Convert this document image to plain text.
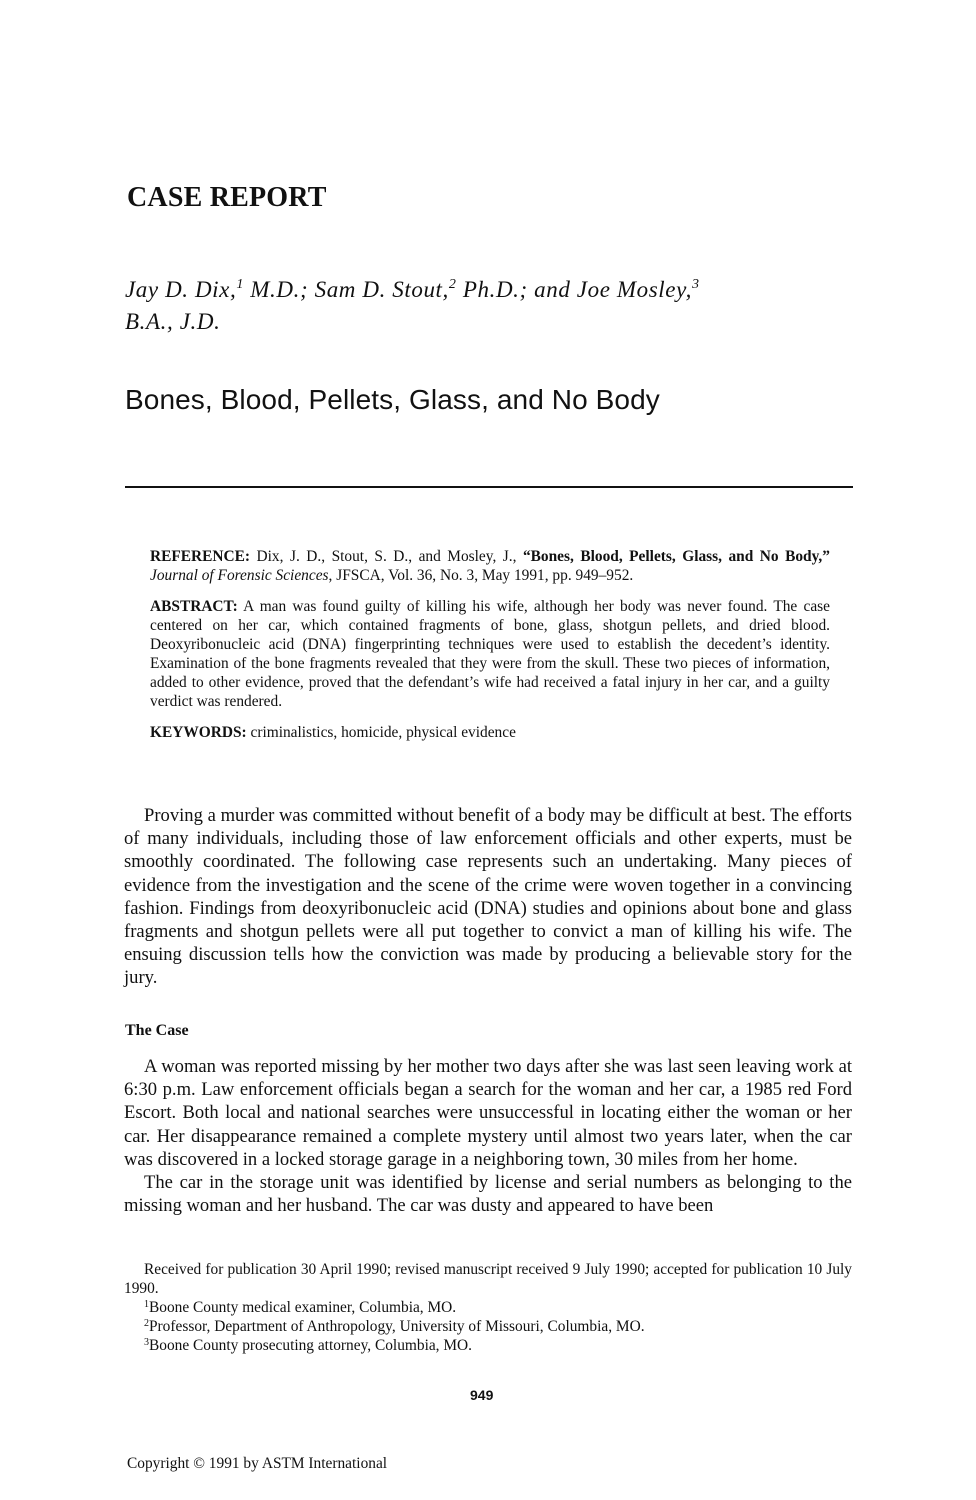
CASE REPORT

Jay D. Dix,$^1$ M.D.; Sam D. Stout,$^2$ Ph.D.; and Joe Mosley,$^3$
B.A., J.D.

Bones, Blood, Pellets, Glass, and No Body

REFERENCE: Dix, J. D., Stout, S. D., and Mosley, J., “Bones, Blood, Pellets, Glass, and No Body,” Journal of Forensic Sciences, JFSCA, Vol. 36, No. 3, May 1991, pp. 949–952.

ABSTRACT: A man was found guilty of killing his wife, although her body was never found. The case centered on her car, which contained fragments of bone, glass, shotgun pellets, and dried blood. Deoxyribonucleic acid (DNA) fingerprinting techniques were used to establish the decedent’s identity. Examination of the bone fragments revealed that they were from the skull. These two pieces of information, added to other evidence, proved that the defendant’s wife had received a fatal injury in her car, and a guilty verdict was rendered.

KEYWORDS: criminalistics, homicide, physical evidence

Proving a murder was committed without benefit of a body may be difficult at best. The efforts of many individuals, including those of law enforcement officials and other experts, must be smoothly coordinated. The following case represents such an undertaking. Many pieces of evidence from the investigation and the scene of the crime were woven together in a convincing fashion. Findings from deoxyribonucleic acid (DNA) studies and opinions about bone and glass fragments and shotgun pellets were all put together to convict a man of killing his wife. The ensuing discussion tells how the conviction was made by producing a believable story for the jury.

The Case

A woman was reported missing by her mother two days after she was last seen leaving work at 6:30 p.m. Law enforcement officials began a search for the woman and her car, a 1985 red Ford Escort. Both local and national searches were unsuccessful in locating either the woman or her car. Her disappearance remained a complete mystery until almost two years later, when the car was discovered in a locked storage garage in a neighboring town, 30 miles from her home.

The car in the storage unit was identified by license and serial numbers as belonging to the missing woman and her husband. The car was dusty and appeared to have been

Received for publication 30 April 1990; revised manuscript received 9 July 1990; accepted for publication 10 July 1990.

$^1$Boone County medical examiner, Columbia, MO.

$^2$Professor, Department of Anthropology, University of Missouri, Columbia, MO.

$^3$Boone County prosecuting attorney, Columbia, MO.

949

Copyright © 1991 by ASTM International
